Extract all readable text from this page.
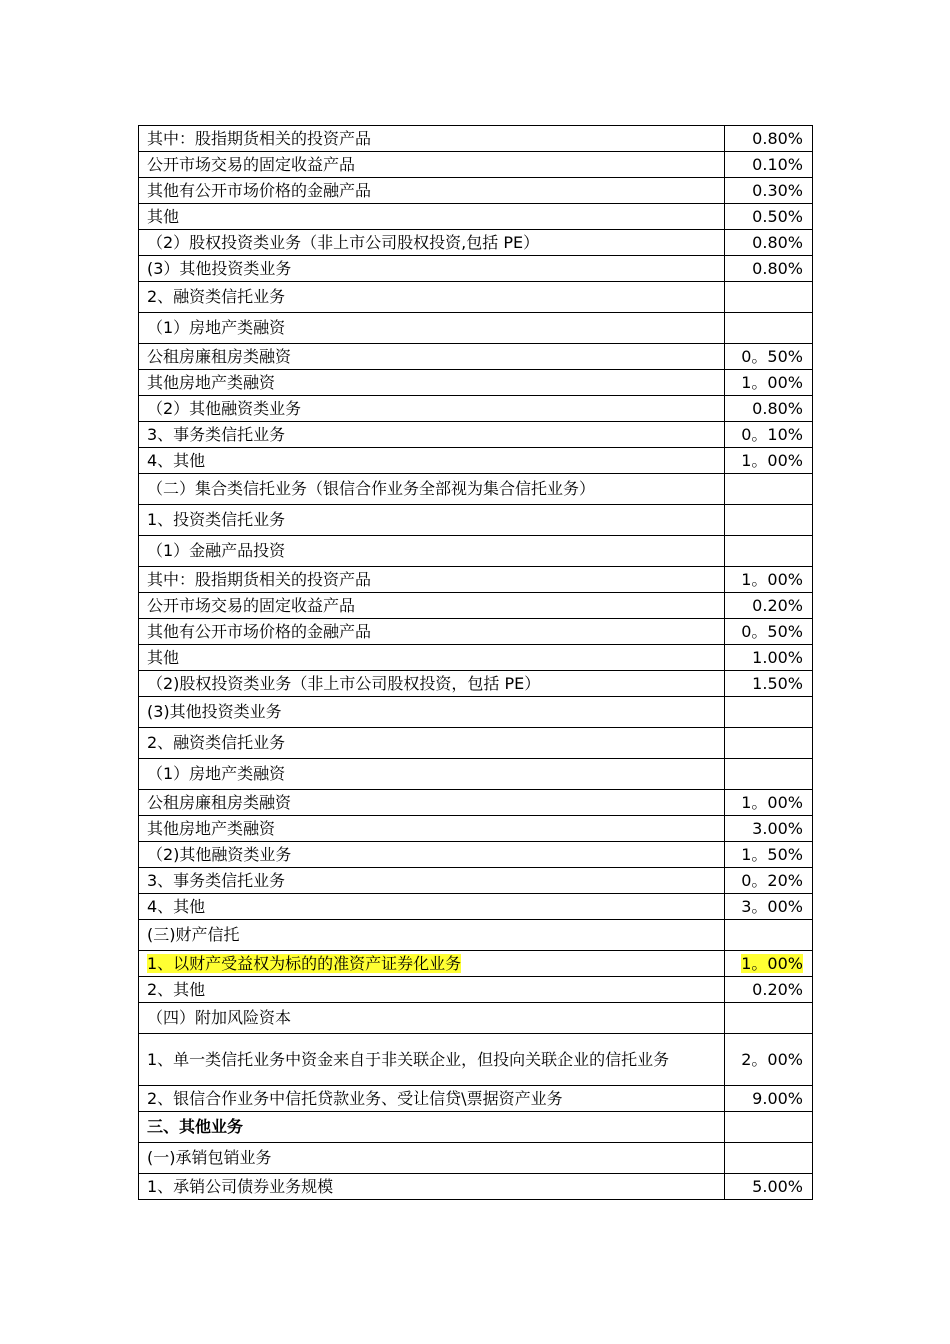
其中：股指期货相关的投资产品	0.80%
公开市场交易的固定收益产品	0.10%
其他有公开市场价格的金融产品	0.30%
其他	0.50%
（2）股权投资类业务（非上市公司股权投资,包括 PE）	0.80%
(3）其他投资类业务	0.80%
2、融资类信托业务	
（1）房地产类融资	
公租房廉租房类融资	0。50%
其他房地产类融资	1。00%
（2）其他融资类业务	0.80%
3、事务类信托业务	0。10%
4、其他	1。00%
（二）集合类信托业务（银信合作业务全部视为集合信托业务）	
1、投资类信托业务	
（1）金融产品投资	
其中：股指期货相关的投资产品	1。00%
公开市场交易的固定收益产品	0.20%
其他有公开市场价格的金融产品	0。50%
其他	1.00%
（2)股权投资类业务（非上市公司股权投资，包括 PE）	1.50%
(3)其他投资类业务	
2、融资类信托业务	
（1）房地产类融资	
公租房廉租房类融资	1。00%
其他房地产类融资	3.00%
（2)其他融资类业务	1。50%
3、事务类信托业务	0。20%
4、其他	3。00%
(三)财产信托	
1、以财产受益权为标的的准资产证券化业务	1。00%
2、其他	0.20%
（四）附加风险资本	
1、单一类信托业务中资金来自于非关联企业，但投向关联企业的信托业务	2。00%
2、银信合作业务中信托贷款业务、受让信贷\票据资产业务	9.00%
三、其他业务	
(一)承销包销业务	
1、承销公司债券业务规模	5.00%
